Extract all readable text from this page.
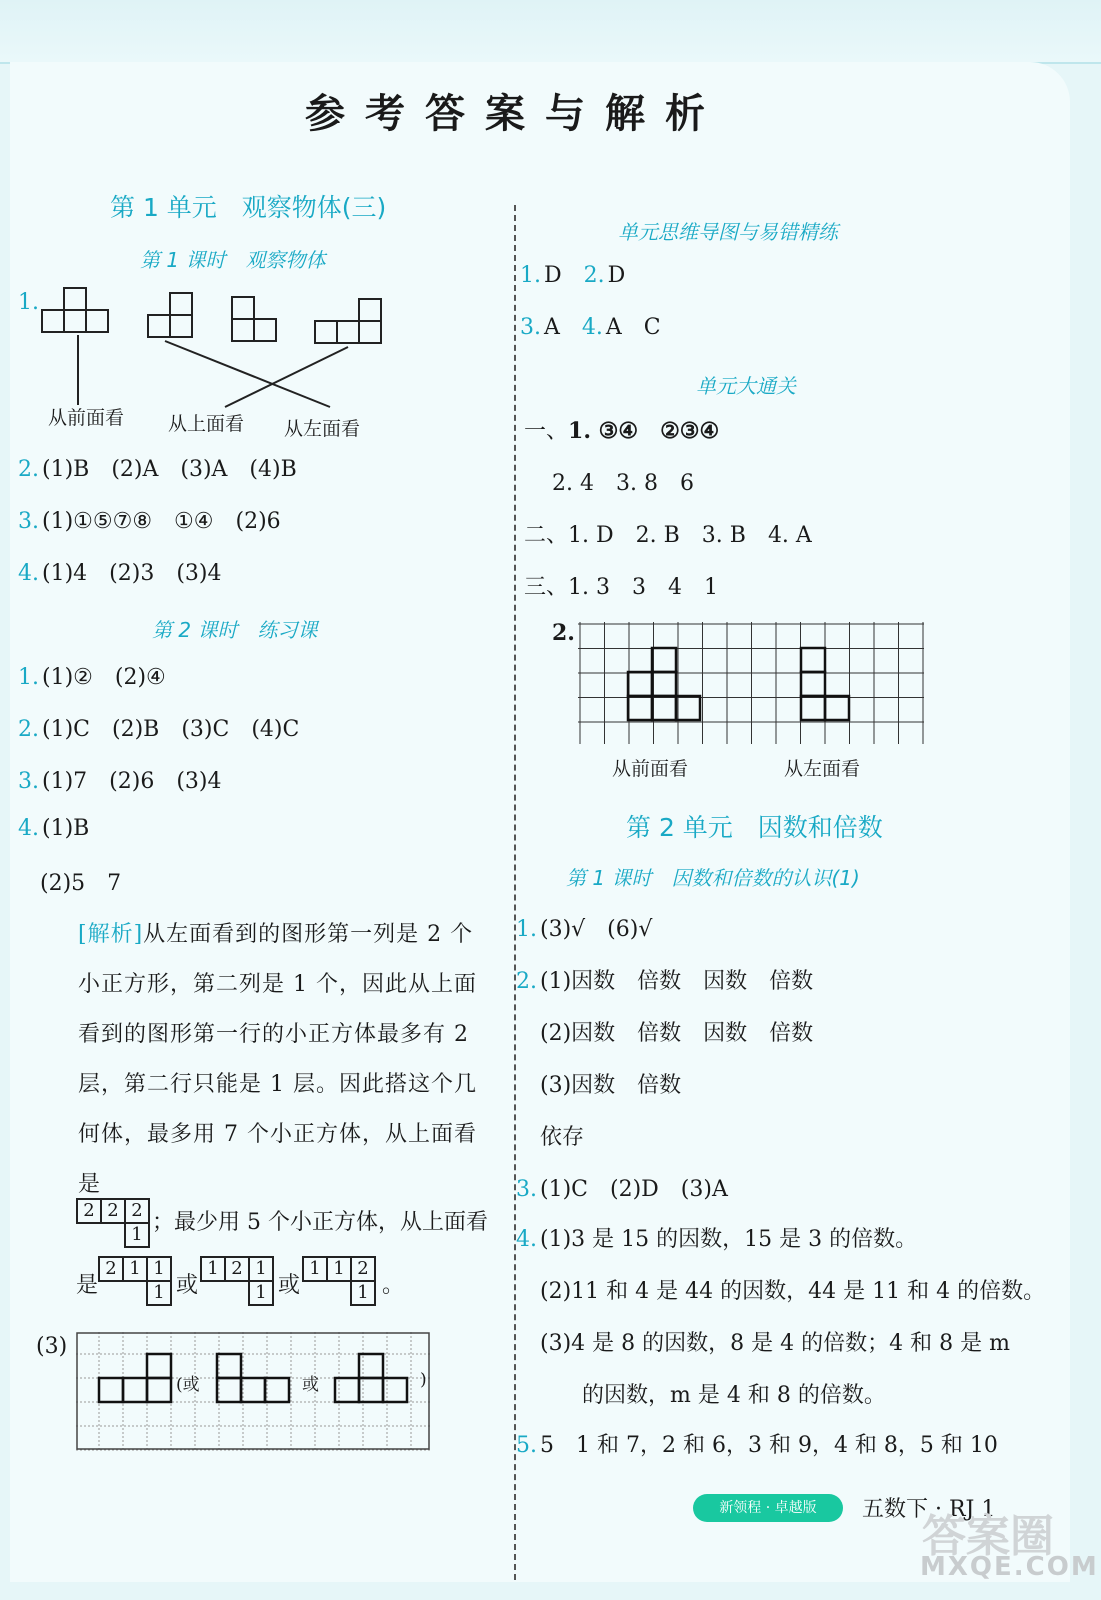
参考答案与解析
第 1 单元　观察物体(三)
第 1 课时　观察物体
1.
从前面看 从上面看 从左面看
2. (1)B　(2)A　(3)A　(4)B
3. (1)①⑤⑦⑧　①④　(2)6
4. (1)4　(2)3　(3)4
第 2 课时　练习课
1. (1)②　(2)④
2. (1)C　(2)B　(3)C　(4)C
3. (1)7　(2)6　(3)4
4. (1)B
(2)5　7
[解析]从左面看到的图形第一列是 2 个小正方形，第二列是 1 个，因此从上面看到的图形第一行的小正方体最多有 2 层，第二行只能是 1 层。因此搭这个几何体，最多用 7 个小正方体，从上面看是
2	2	2
		1 ；最少用 5 个小正方体，从上面看
是
2	1	1
		1 或
1	2	1
		1 或
1	1	2
		1 。
(3)
(或	或	)
单元思维导图与易错精练
1. D　 2. D
3. A　 4. A　C
单元大通关
一、1. ③④　②③④
2. 4　3. 8　6
二、1. D　2. B　3. B　4. A
三、1. 3　3　4　1
2.
从前面看	从左面看
第 2 单元　因数和倍数
第 1 课时　因数和倍数的认识(1)
1. (3)√　(6)√
2. (1)因数　倍数　因数　倍数
(2)因数　倍数　因数　倍数
(3)因数　倍数
依存
3. (1)C　(2)D　(3)A
4. (1)3 是 15 的因数，15 是 3 的倍数。
(2)11 和 4 是 44 的因数，44 是 11 和 4 的倍数。
(3)4 是 8 的因数，8 是 4 的倍数；4 和 8 是 m
的因数，m 是 4 和 8 的倍数。
5. 5　1 和 7，2 和 6，3 和 9，4 和 8，5 和 10
新领程 · 卓越版	五数下 · RJ 1
答案圈
MXQE.COM
